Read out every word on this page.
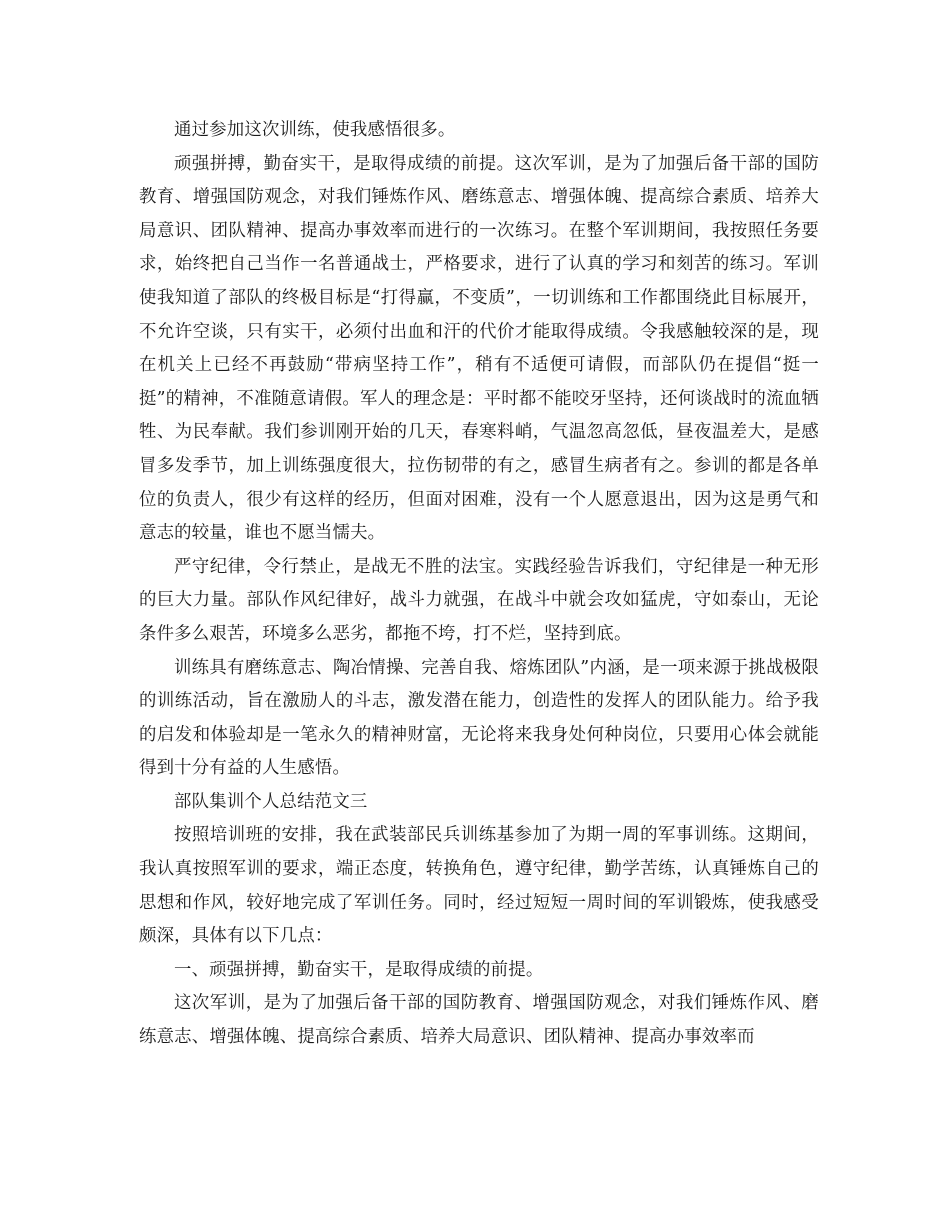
通过参加这次训练，使我感悟很多。

顽强拼搏，勤奋实干，是取得成绩的前提。这次军训，是为了加强后备干部的国防教育、增强国防观念，对我们锤炼作风、磨练意志、增强体魄、提高综合素质、培养大局意识、团队精神、提高办事效率而进行的一次练习。在整个军训期间，我按照任务要求，始终把自己当作一名普通战士，严格要求，进行了认真的学习和刻苦的练习。军训使我知道了部队的终极目标是“打得赢，不变质”，一切训练和工作都围绕此目标展开，不允许空谈，只有实干，必须付出血和汗的代价才能取得成绩。令我感触较深的是，现在机关上已经不再鼓励“带病坚持工作”，稍有不适便可请假，而部队仍在提倡“挺一挺”的精神，不准随意请假。军人的理念是：平时都不能咬牙坚持，还何谈战时的流血牺牲、为民奉献。我们参训刚开始的几天，春寒料峭，气温忽高忽低，昼夜温差大，是感冒多发季节，加上训练强度很大，拉伤韧带的有之，感冒生病者有之。参训的都是各单位的负责人，很少有这样的经历，但面对困难，没有一个人愿意退出，因为这是勇气和意志的较量，谁也不愿当懦夫。

严守纪律，令行禁止，是战无不胜的法宝。实践经验告诉我们，守纪律是一种无形的巨大力量。部队作风纪律好，战斗力就强，在战斗中就会攻如猛虎，守如泰山，无论条件多么艰苦，环境多么恶劣，都拖不垮，打不烂，坚持到底。

训练具有磨练意志、陶冶情操、完善自我、熔炼团队”内涵，是一项来源于挑战极限的训练活动，旨在激励人的斗志，激发潜在能力，创造性的发挥人的团队能力。给予我的启发和体验却是一笔永久的精神财富，无论将来我身处何种岗位，只要用心体会就能得到十分有益的人生感悟。

部队集训个人总结范文三

按照培训班的安排，我在武装部民兵训练基参加了为期一周的军事训练。这期间，我认真按照军训的要求，端正态度，转换角色，遵守纪律，勤学苦练，认真锤炼自己的思想和作风，较好地完成了军训任务。同时，经过短短一周时间的军训锻炼，使我感受颇深，具体有以下几点：

一、顽强拼搏，勤奋实干，是取得成绩的前提。

这次军训，是为了加强后备干部的国防教育、增强国防观念，对我们锤炼作风、磨练意志、增强体魄、提高综合素质、培养大局意识、团队精神、提高办事效率而
